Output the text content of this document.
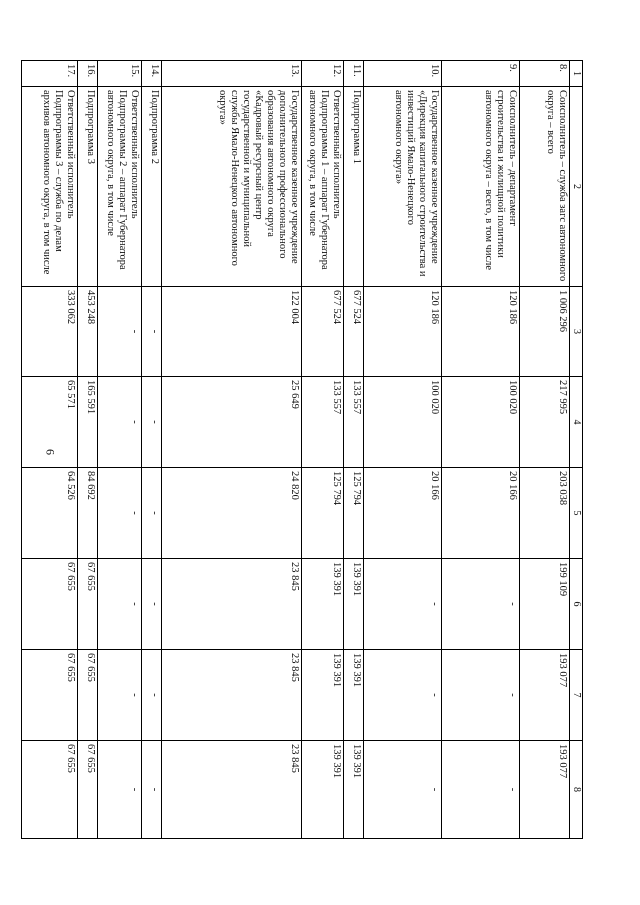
6
1	2	3	4	5	6	7	8
8.	Соисполнитель – служба загс автономного округа – всего	1 006 296	217 995	203 038	199 109	193 077	193 077
9.	Соисполнитель – департамент строительства и жилищной политики автономного округа – всего, в том числе	120 186	100 020	20 166	-	-	-
10.	Государственное казенное учреждение «Дирекция капитального строительства и инвестиций Ямало-Ненецкого автономного округа»	120 186	100 020	20 166	-	-	-
11.	Подпрограмма 1	677 524	133 557	125 794	139 391	139 391	139 391
12.	Ответственный исполнитель Подпрограммы 1 – аппарат Губернатора автономного округа, в том числе	677 524	133 557	125 794	139 391	139 391	139 391
13.	Государственное казенное учреждение дополнительного профессионального образования автономного округа «Кадровый ресурсный центр государственной и муниципальной службы Ямало-Ненецкого автономного округа»	122 004	25 649	24 820	23 845	23 845	23 845
14.	Подпрограмма 2	-	-	-	-	-	-
15.	Ответственный исполнитель Подпрограммы 2 – аппарат Губернатора автономного округа, в том числе	-	-	-	-	-	-
16.	Подпрограмма 3	453 248	165 591	84 692	67 655	67 655	67 655
17.	Ответственный исполнитель Подпрограммы 3 – служба по делам архивов автономного округа, в том числе	333 062	65 571	64 526	67 655	67 655	67 655
